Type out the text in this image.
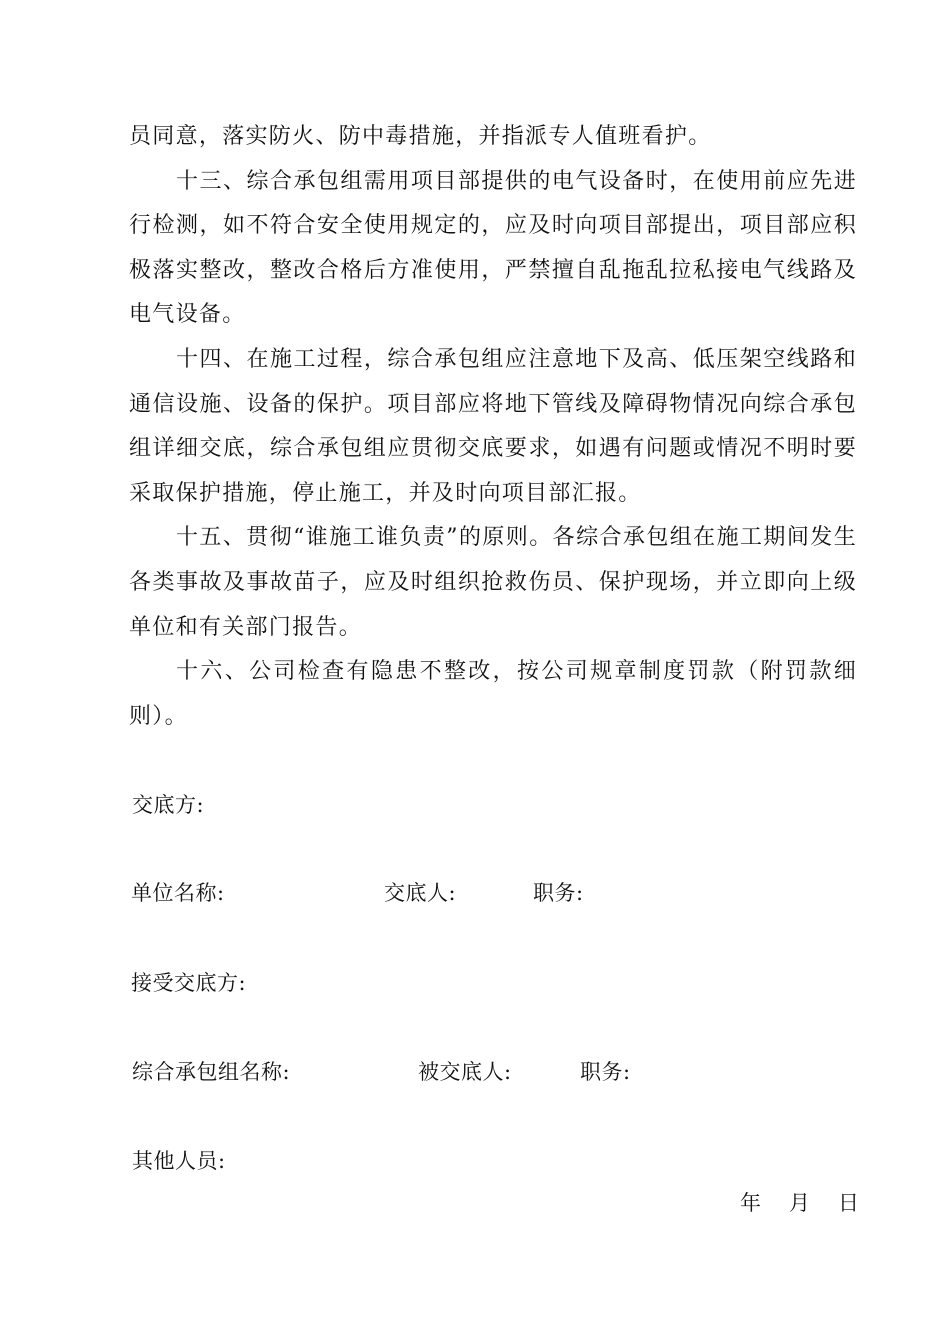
员同意，落实防火、防中毒措施，并指派专人值班看护。

十三、综合承包组需用项目部提供的电气设备时，在使用前应先进行检测，如不符合安全使用规定的，应及时向项目部提出，项目部应积极落实整改，整改合格后方准使用，严禁擅自乱拖乱拉私接电气线路及电气设备。

十四、在施工过程，综合承包组应注意地下及高、低压架空线路和通信设施、设备的保护。项目部应将地下管线及障碍物情况向综合承包组详细交底，综合承包组应贯彻交底要求，如遇有问题或情况不明时要采取保护措施，停止施工，并及时向项目部汇报。

十五、贯彻“谁施工谁负责”的原则。各综合承包组在施工期间发生各类事故及事故苗子，应及时组织抢救伤员、保护现场，并立即向上级单位和有关部门报告。

十六、公司检查有隐患不整改，按公司规章制度罚款（附罚款细则）。

交底方:
单位名称:	交底人:	职务:
接受交底方:
综合承包组名称:	被交底人:	职务:
其他人员:
年 月 日
